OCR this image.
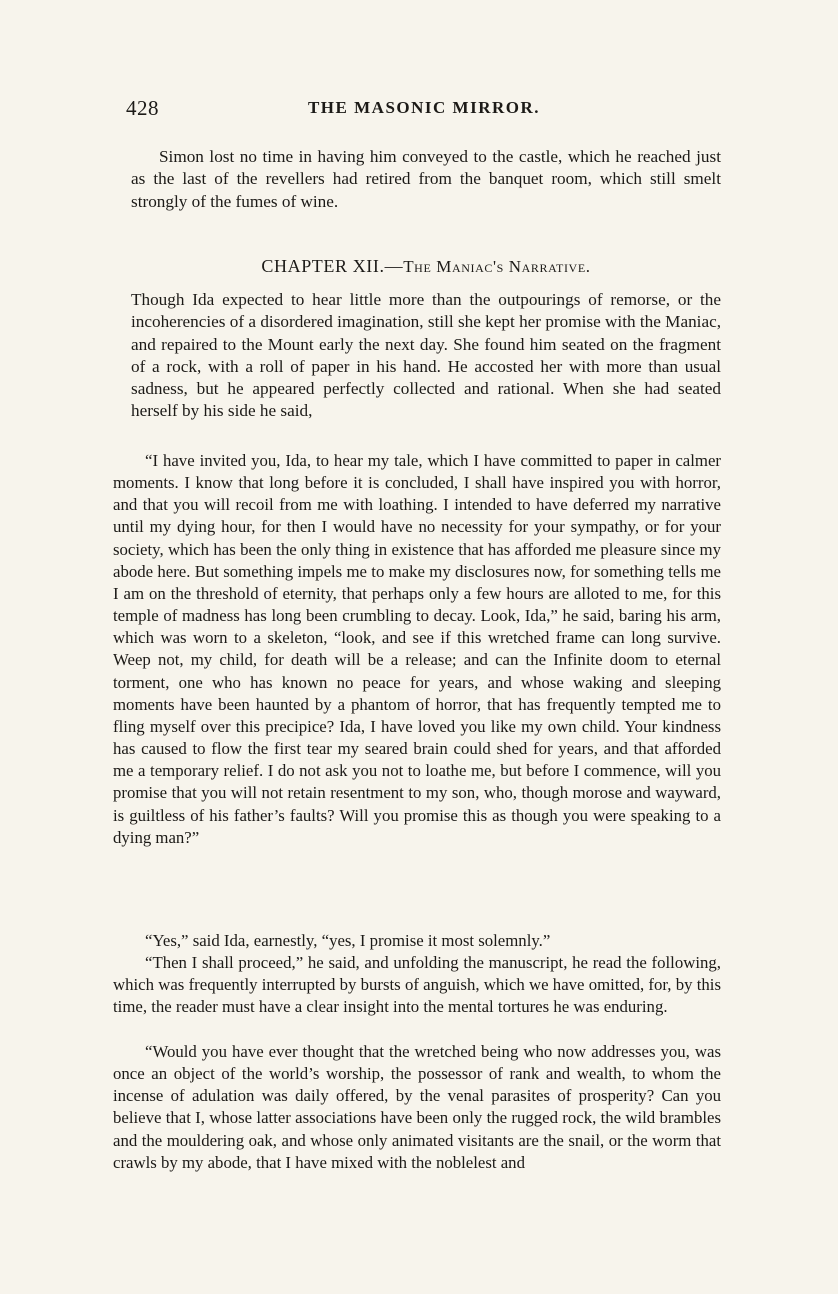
428	THE MASONIC MIRROR.

Simon lost no time in having him conveyed to the castle, which he reached just as the last of the revellers had retired from the banquet room, which still smelt strongly of the fumes of wine.

CHAPTER XII.—The Maniac's Narrative.

Though Ida expected to hear little more than the outpourings of remorse, or the incoherencies of a disordered imagination, still she kept her promise with the Maniac, and repaired to the Mount early the next day. She found him seated on the fragment of a rock, with a roll of paper in his hand. He accosted her with more than usual sadness, but he appeared perfectly collected and rational. When she had seated herself by his side he said,

“I have invited you, Ida, to hear my tale, which I have committed to paper in calmer moments. I know that long before it is concluded, I shall have inspired you with horror, and that you will recoil from me with loathing. I intended to have deferred my narrative until my dying hour, for then I would have no necessity for your sympathy, or for your society, which has been the only thing in existence that has afforded me pleasure since my abode here. But something impels me to make my disclosures now, for something tells me I am on the threshold of eternity, that perhaps only a few hours are alloted to me, for this temple of madness has long been crumbling to decay. Look, Ida,” he said, baring his arm, which was worn to a skeleton, “look, and see if this wretched frame can long survive. Weep not, my child, for death will be a release; and can the Infinite doom to eternal torment, one who has known no peace for years, and whose waking and sleeping moments have been haunted by a phantom of horror, that has frequently tempted me to fling myself over this precipice? Ida, I have loved you like my own child. Your kindness has caused to flow the first tear my seared brain could shed for years, and that afforded me a temporary relief. I do not ask you not to loathe me, but before I commence, will you promise that you will not retain resentment to my son, who, though morose and wayward, is guiltless of his father’s faults? Will you promise this as though you were speaking to a dying man?”

“Yes,” said Ida, earnestly, “yes, I promise it most solemnly.”

“Then I shall proceed,” he said, and unfolding the manuscript, he read the following, which was frequently interrupted by bursts of anguish, which we have omitted, for, by this time, the reader must have a clear insight into the mental tortures he was enduring.

“Would you have ever thought that the wretched being who now addresses you, was once an object of the world’s worship, the possessor of rank and wealth, to whom the incense of adulation was daily offered, by the venal parasites of prosperity? Can you believe that I, whose latter associations have been only the rugged rock, the wild brambles and the mouldering oak, and whose only animated visitants are the snail, or the worm that crawls by my abode, that I have mixed with the noblelest and
